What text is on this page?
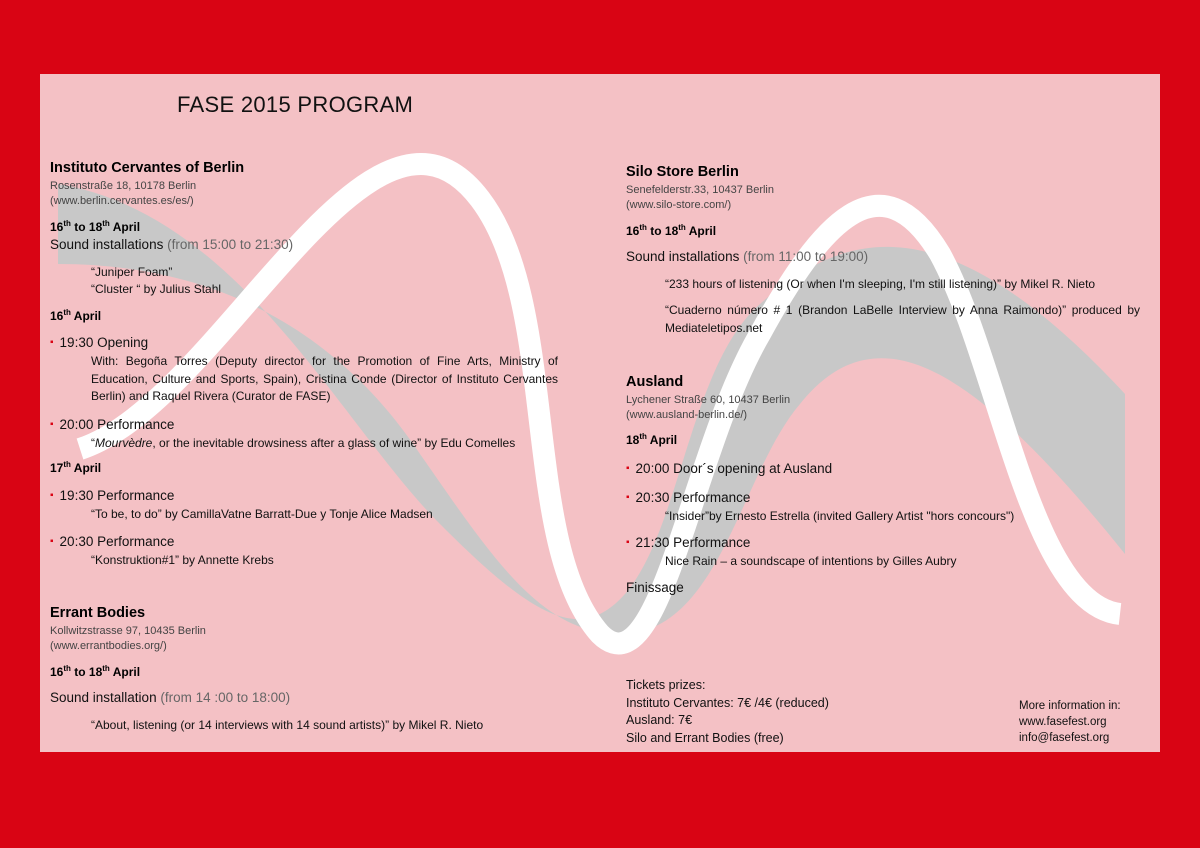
FASE 2015 PROGRAM
Instituto Cervantes of Berlin
Rosenstraße 18, 10178 Berlin
(www.berlin.cervantes.es/es/)
16th to 18th April
Sound installations (from 15:00 to 21:30)
“Juniper Foam”
“Cluster “ by Julius Stahl
16th April
▪ 19:30 Opening
With: Begoña Torres (Deputy director for the Promotion of Fine Arts, Ministry of Education, Culture and Sports, Spain), Cristina Conde (Director of Instituto Cervantes Berlin) and Raquel Rivera (Curator de FASE)
▪ 20:00 Performance
“Mourvèdre, or the inevitable drowsiness after a glass of wine” by Edu Comelles
17th April
▪ 19:30 Performance
“To be, to do” by CamillaVatne Barratt-Due y Tonje Alice Madsen
▪ 20:30 Performance
“Konstruktion#1” by Annette Krebs
Errant Bodies
Kollwitzstrasse 97, 10435 Berlin
(www.errantbodies.org/)
16th to 18th April
Sound installation (from 14 :00 to 18:00)
“About, listening (or 14 interviews with 14 sound artists)” by Mikel R. Nieto
Silo Store Berlin
Senefelderstr.33, 10437 Berlin
(www.silo-store.com/)
16th to 18th April
Sound installations (from 11:00 to 19:00)
“233 hours of listening (Or when I'm sleeping, I'm still listening)” by Mikel R. Nieto
“Cuaderno número # 1 (Brandon LaBelle Interview by Anna Raimondo)” produced by Mediateletipos.net
Ausland
Lychener Straße 60, 10437 Berlin
(www.ausland-berlin.de/)
18th April
▪ 20:00 Door´s opening at Ausland
▪ 20:30 Performance
“Insider”by Ernesto Estrella (invited Gallery Artist "hors concours")
▪ 21:30 Performance
Nice Rain – a soundscape of intentions by Gilles Aubry
Finissage
Tickets prizes:
Instituto Cervantes: 7€ /4€ (reduced)
Ausland: 7€
Silo and Errant Bodies (free)
More information in:
www.fasefest.org
info@fasefest.org
